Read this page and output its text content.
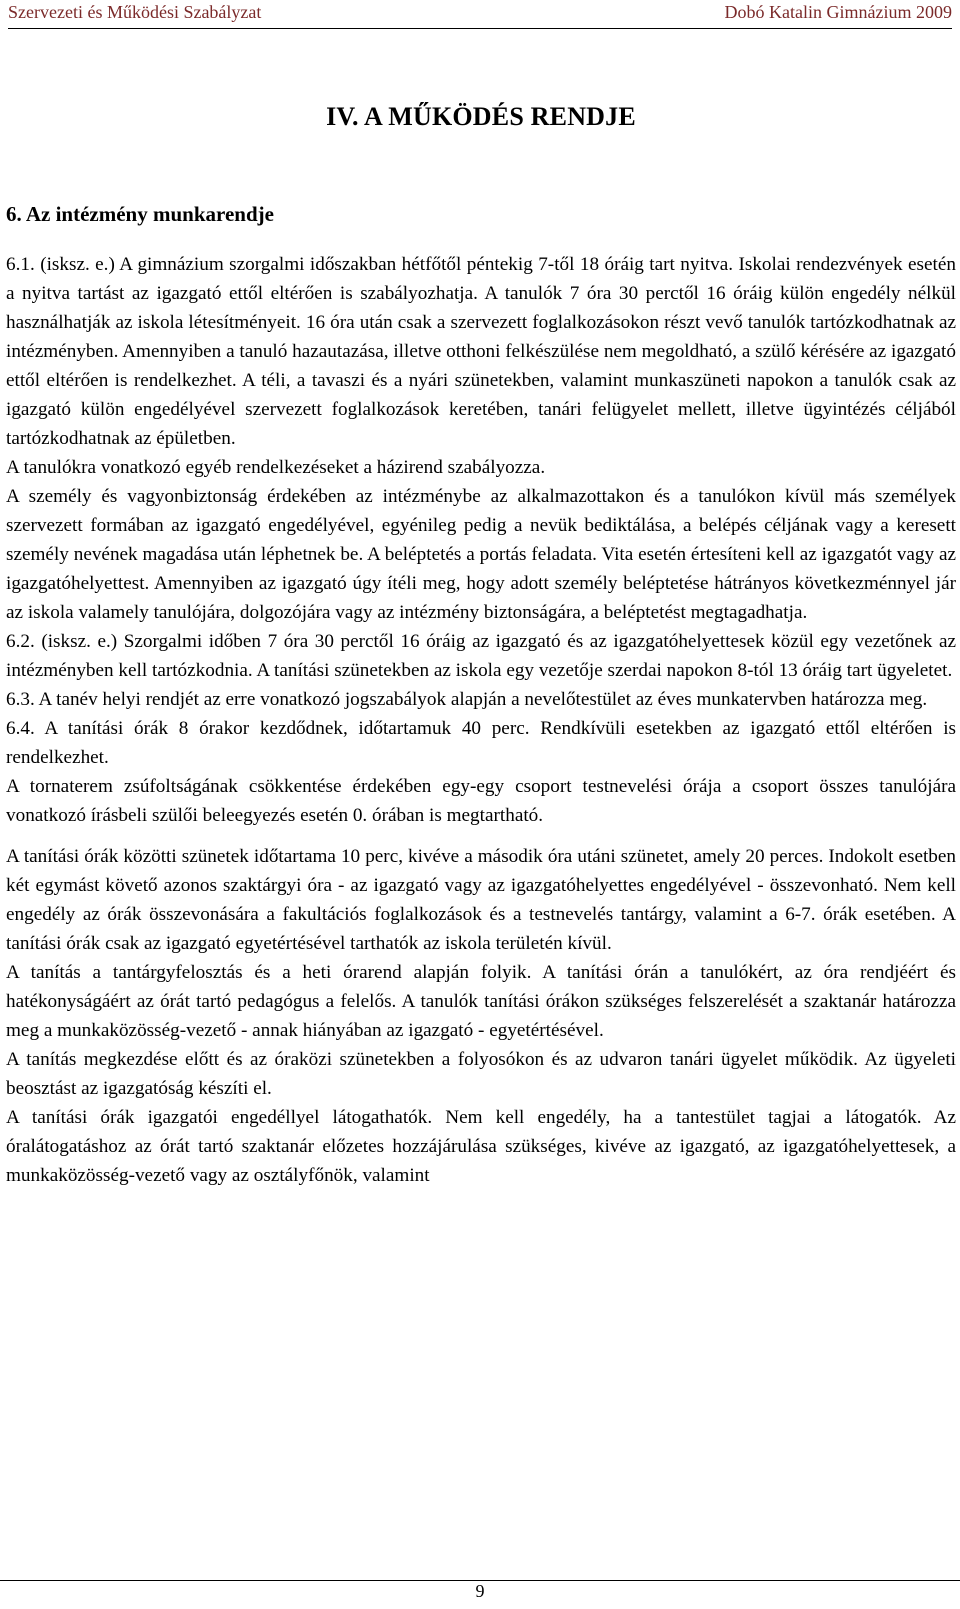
Szervezeti és Működési Szabályzat	Dobó Katalin Gimnázium 2009
IV. A MŰKÖDÉS RENDJE
6. Az intézmény munkarendje

6.1. (isksz. e.) A gimnázium szorgalmi időszakban hétfőtől péntekig 7-től 18 óráig tart nyitva. Iskolai rendezvények esetén a nyitva tartást az igazgató ettől eltérően is szabályozhatja. A tanulók 7 óra 30 perctől 16 óráig külön engedély nélkül használhatják az iskola létesítményeit. 16 óra után csak a szervezett foglalkozásokon részt vevő tanulók tartózkodhatnak az intézményben. Amennyiben a tanuló hazautazása, illetve otthoni felkészülése nem megoldható, a szülő kérésére az igazgató ettől eltérően is rendelkezhet. A téli, a tavaszi és a nyári szünetekben, valamint munkaszüneti napokon a tanulók csak az igazgató külön engedélyével szervezett foglalkozások keretében, tanári felügyelet mellett, illetve ügyintézés céljából tartózkodhatnak az épületben.

A tanulókra vonatkozó egyéb rendelkezéseket a házirend szabályozza.

A személy és vagyonbiztonság érdekében az intézménybe az alkalmazottakon és a tanulókon kívül más személyek szervezett formában az igazgató engedélyével, egyénileg pedig a nevük bediktálása, a belépés céljának vagy a keresett személy nevének magadása után léphetnek be. A beléptetés a portás feladata. Vita esetén értesíteni kell az igazgatót vagy az igazgatóhelyettest. Amennyiben az igazgató úgy ítéli meg, hogy adott személy beléptetése hátrányos következménnyel jár az iskola valamely tanulójára, dolgozójára vagy az intézmény biztonságára, a beléptetést megtagadhatja.

6.2. (isksz. e.) Szorgalmi időben 7 óra 30 perctől 16 óráig az igazgató és az igazgatóhelyettesek közül egy vezetőnek az intézményben kell tartózkodnia. A tanítási szünetekben az iskola egy vezetője szerdai napokon 8-tól 13 óráig tart ügyeletet.

6.3. A tanév helyi rendjét az erre vonatkozó jogszabályok alapján a nevelőtestület az éves munkatervben határozza meg.

6.4. A tanítási órák 8 órakor kezdődnek, időtartamuk 40 perc. Rendkívüli esetekben az igazgató ettől eltérően is rendelkezhet.

A tornaterem zsúfoltságának csökkentése érdekében egy-egy csoport testnevelési órája a csoport összes tanulójára vonatkozó írásbeli szülői beleegyezés esetén 0. órában is megtartható.

A tanítási órák közötti szünetek időtartama 10 perc, kivéve a második óra utáni szünetet, amely 20 perces. Indokolt esetben két egymást követő azonos szaktárgyi óra - az igazgató vagy az igazgatóhelyettes engedélyével - összevonható. Nem kell engedély az órák összevonására a fakultációs foglalkozások és a testnevelés tantárgy, valamint a 6-7. órák esetében. A tanítási órák csak az igazgató egyetértésével tarthatók az iskola területén kívül.

A tanítás a tantárgyfelosztás és a heti órarend alapján folyik. A tanítási órán a tanulókért, az óra rendjéért és hatékonyságáért az órát tartó pedagógus a felelős. A tanulók tanítási órákon szükséges felszerelését a szaktanár határozza meg a munkaközösség-vezető - annak hiányában az igazgató - egyetértésével.

A tanítás megkezdése előtt és az óraközi szünetekben a folyosókon és az udvaron tanári ügyelet működik. Az ügyeleti beosztást az igazgatóság készíti el.

A tanítási órák igazgatói engedéllyel látogathatók. Nem kell engedély, ha a tantestület tagjai a látogatók. Az óralátogatáshoz az órát tartó szaktanár előzetes hozzájárulása szükséges, kivéve az igazgató, az igazgatóhelyettesek, a munkaközösség-vezető vagy az osztályfőnök, valamint

9
